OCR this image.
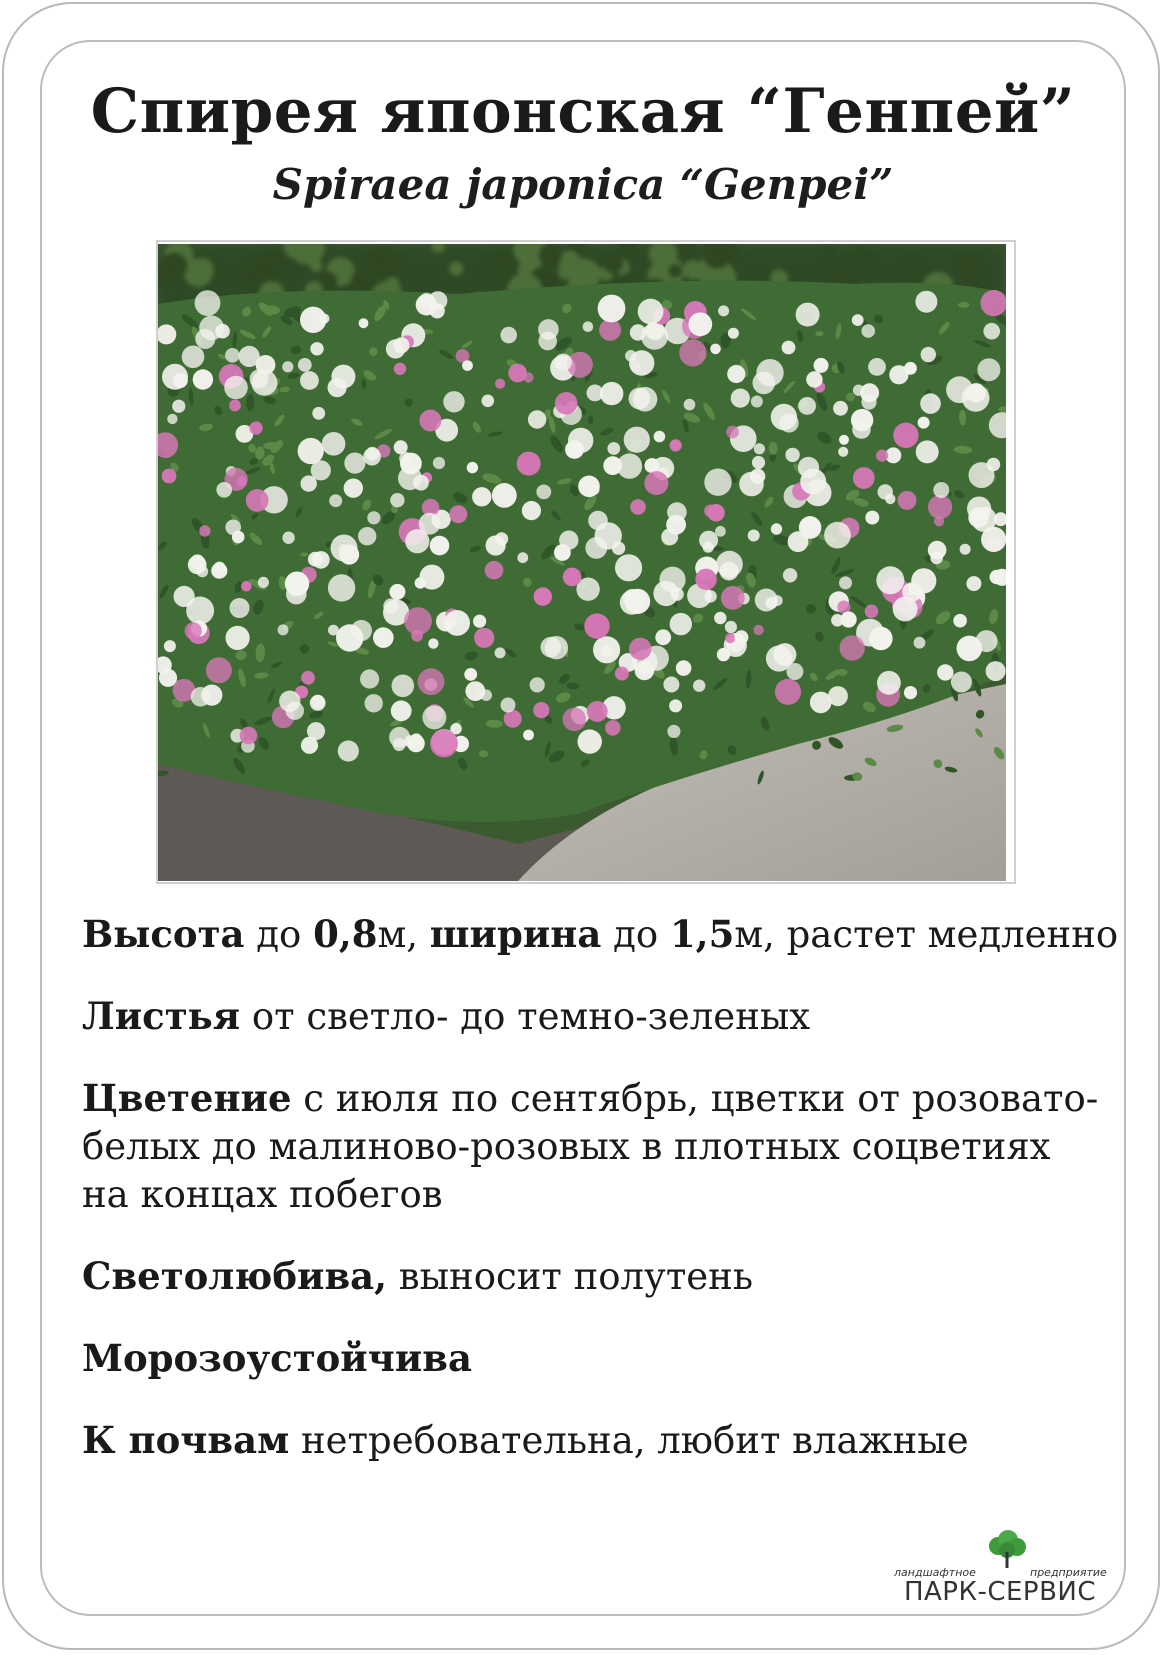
Спирея японская “Генпей”
Spiraea japonica “Genpei”

Высота до 0,8м, ширина до 1,5м, растет медленно

Листья от светло- до темно-зеленых

Цветение с июля по сентябрь, цветки от розовато-
белых до малиново-розовых в плотных соцветиях
на концах побегов

Светолюбива, выносит полутень

Морозоустойчива

К почвам нетребовательна, любит влажные

ландшафтное	предприятие
ПАРК-СЕРВИС
